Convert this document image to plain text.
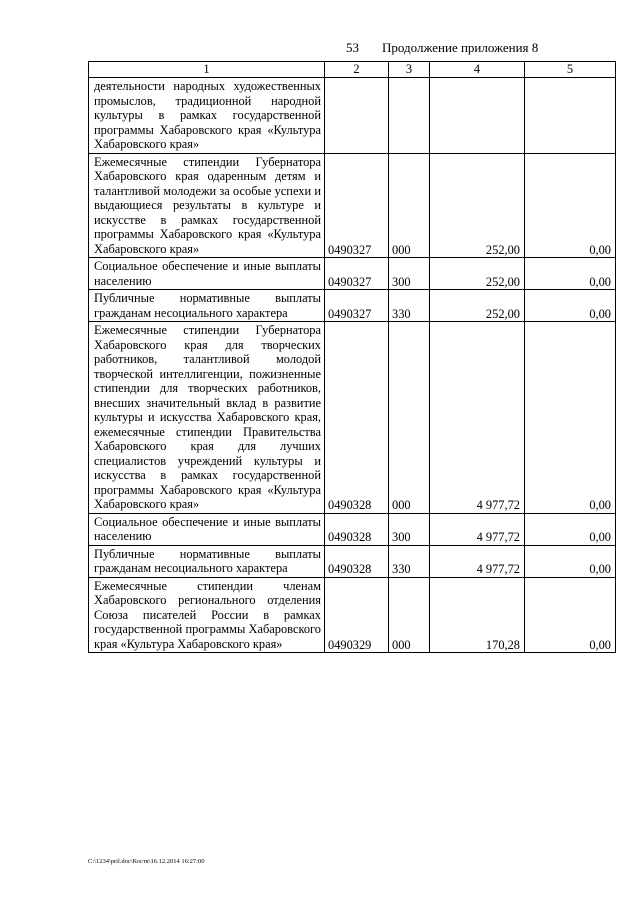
53 Продолжение приложения 8
1	2	3	4	5
деятельности народных художественных промыслов, традиционной народной культуры в рамках государственной программы Хабаровского края «Культура Хабаровского края»				
Ежемесячные стипендии Губернатора Хабаровского края одаренным детям и талантливой молодежи за особые успехи и выдающиеся результаты в культуре и искусстве в рамках государственной программы Хабаровского края «Культура Хабаровского края»	0490327	000	252,00	0,00
Социальное обеспечение и иные выплаты населению	0490327	300	252,00	0,00
Публичные нормативные выплаты гражданам несоциального характера	0490327	330	252,00	0,00
Ежемесячные стипендии Губернатора Хабаровского края для творческих работников, талантливой молодой творческой интеллигенции, пожизненные стипендии для творческих работников, внесших значительный вклад в развитие культуры и искусства Хабаровского края, ежемесячные стипендии Правительства Хабаровского края для лучших специалистов учреждений культуры и искусства в рамках государственной программы Хабаровского края «Культура Хабаровского края»	0490328	000	4 977,72	0,00
Социальное обеспечение и иные выплаты населению	0490328	300	4 977,72	0,00
Публичные нормативные выплаты гражданам несоциального характера	0490328	330	4 977,72	0,00
Ежемесячные стипендии членам Хабаровского регионального отделения Союза писателей России в рамках государственной программы Хабаровского края «Культура Хабаровского края»	0490329	000	170,28	0,00
C:\1234\pril.doc\Костя\16.12.2014 16:27:00
